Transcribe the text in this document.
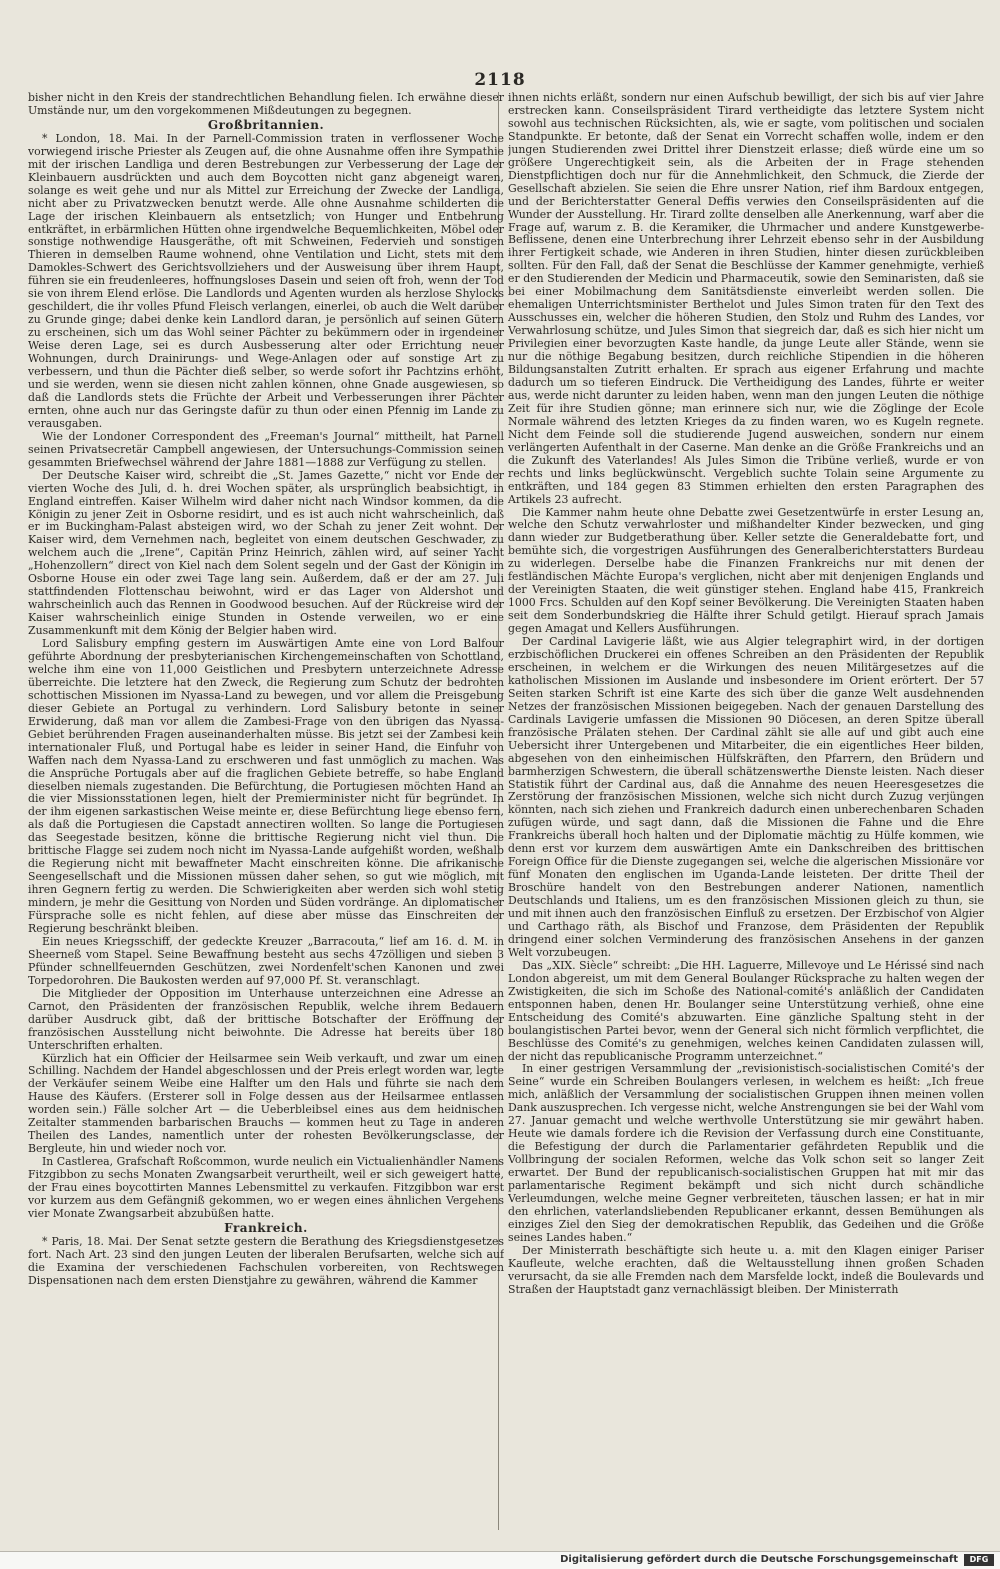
2118

bisher nicht in den Kreis der standrechtlichen Behandlung fielen. Ich erwähne dieser Umstände nur, um den vorgekommenen Mißdeutungen zu begegnen.

Großbritannien.

* London, 18. Mai. In der Parnell-Commission traten in verflossener Woche vorwiegend irische Priester als Zeugen auf, die ohne Ausnahme offen ihre Sympathie mit der irischen Landliga und deren Bestrebungen zur Verbesserung der Lage der Kleinbauern ausdrückten und auch dem Boycotten nicht ganz abgeneigt waren, solange es weit gehe und nur als Mittel zur Erreichung der Zwecke der Landliga, nicht aber zu Privatzwecken benutzt werde. Alle ohne Ausnahme schilderten die Lage der irischen Kleinbauern als entsetzlich; von Hunger und Entbehrung entkräftet, in erbärmlichen Hütten ohne irgendwelche Bequemlichkeiten, Möbel oder sonstige nothwendige Hausgeräthe, oft mit Schweinen, Federvieh und sonstigen Thieren in demselben Raume wohnend, ohne Ventilation und Licht, stets mit dem Damokles-Schwert des Gerichtsvollziehers und der Ausweisung über ihrem Haupt, führen sie ein freudenleeres, hoffnungsloses Dasein und seien oft froh, wenn der Tod sie von ihrem Elend erlöse. Die Landlords und Agenten wurden als herzlose Shylocks geschildert, die ihr volles Pfund Fleisch verlangen, einerlei, ob auch die Welt darüber zu Grunde ginge; dabei denke kein Landlord daran, je persönlich auf seinen Gütern zu erscheinen, sich um das Wohl seiner Pächter zu bekümmern oder in irgendeiner Weise deren Lage, sei es durch Ausbesserung alter oder Errichtung neuer Wohnungen, durch Drainirungs- und Wege-Anlagen oder auf sonstige Art zu verbessern, und thun die Pächter dieß selber, so werde sofort ihr Pachtzins erhöht, und sie werden, wenn sie diesen nicht zahlen können, ohne Gnade ausgewiesen, so daß die Landlords stets die Früchte der Arbeit und Verbesserungen ihrer Pächter ernten, ohne auch nur das Geringste dafür zu thun oder einen Pfennig im Lande zu verausgaben.

Wie der Londoner Correspondent des „Freeman's Journal“ mittheilt, hat Parnell seinen Privatsecretär Campbell angewiesen, der Untersuchungs-Commission seinen gesammten Briefwechsel während der Jahre 1881—1888 zur Verfügung zu stellen.

Der Deutsche Kaiser wird, schreibt die „St. James Gazette,“ nicht vor Ende der vierten Woche des Juli, d. h. drei Wochen später, als ursprünglich beabsichtigt, in England eintreffen. Kaiser Wilhelm wird daher nicht nach Windsor kommen, da die Königin zu jener Zeit in Osborne residirt, und es ist auch nicht wahrscheinlich, daß er im Buckingham-Palast absteigen wird, wo der Schah zu jener Zeit wohnt. Der Kaiser wird, dem Vernehmen nach, begleitet von einem deutschen Geschwader, zu welchem auch die „Irene“, Capitän Prinz Heinrich, zählen wird, auf seiner Yacht „Hohenzollern“ direct von Kiel nach dem Solent segeln und der Gast der Königin im Osborne House ein oder zwei Tage lang sein. Außerdem, daß er der am 27. Juli stattfindenden Flottenschau beiwohnt, wird er das Lager von Aldershot und wahrscheinlich auch das Rennen in Goodwood besuchen. Auf der Rückreise wird der Kaiser wahrscheinlich einige Stunden in Ostende verweilen, wo er eine Zusammenkunft mit dem König der Belgier haben wird.

Lord Salisbury empfing gestern im Auswärtigen Amte eine von Lord Balfour geführte Abordnung der presbyterianischen Kirchengemeinschaften von Schottland, welche ihm eine von 11,000 Geistlichen und Presbytern unterzeichnete Adresse überreichte. Die letztere hat den Zweck, die Regierung zum Schutz der bedrohten schottischen Missionen im Nyassa-Land zu bewegen, und vor allem die Preisgebung dieser Gebiete an Portugal zu verhindern. Lord Salisbury betonte in seiner Erwiderung, daß man vor allem die Zambesi-Frage von den übrigen das Nyassa-Gebiet berührenden Fragen auseinanderhalten müsse. Bis jetzt sei der Zambesi kein internationaler Fluß, und Portugal habe es leider in seiner Hand, die Einfuhr von Waffen nach dem Nyassa-Land zu erschweren und fast unmöglich zu machen. Was die Ansprüche Portugals aber auf die fraglichen Gebiete betreffe, so habe England dieselben niemals zugestanden. Die Befürchtung, die Portugiesen möchten Hand an die vier Missionsstationen legen, hielt der Premierminister nicht für begründet. In der ihm eigenen sarkastischen Weise meinte er, diese Befürchtung liege ebenso fern, als daß die Portugiesen die Capstadt annectiren wollten. So lange die Portugiesen das Seegestade besitzen, könne die brittische Regierung nicht viel thun. Die brittische Flagge sei zudem noch nicht im Nyassa-Lande aufgehißt worden, weßhalb die Regierung nicht mit bewaffneter Macht einschreiten könne. Die afrikanische Seengesellschaft und die Missionen müssen daher sehen, so gut wie möglich, mit ihren Gegnern fertig zu werden. Die Schwierigkeiten aber werden sich wohl stetig mindern, je mehr die Gesittung von Norden und Süden vordränge. An diplomatischer Fürsprache solle es nicht fehlen, auf diese aber müsse das Einschreiten der Regierung beschränkt bleiben.

Ein neues Kriegsschiff, der gedeckte Kreuzer „Barracouta,“ lief am 16. d. M. in Sheerneß vom Stapel. Seine Bewaffnung besteht aus sechs 47zölligen und sieben 3 Pfünder schnellfeuernden Geschützen, zwei Nordenfelt'schen Kanonen und zwei Torpedorohren. Die Baukosten werden auf 97,000 Pf. St. veranschlagt.

Die Mitglieder der Opposition im Unterhause unterzeichnen eine Adresse an Carnot, den Präsidenten der französischen Republik, welche ihrem Bedauern darüber Ausdruck gibt, daß der brittische Botschafter der Eröffnung der französischen Ausstellung nicht beiwohnte. Die Adresse hat bereits über 180 Unterschriften erhalten.

Kürzlich hat ein Officier der Heilsarmee sein Weib verkauft, und zwar um einen Schilling. Nachdem der Handel abgeschlossen und der Preis erlegt worden war, legte der Verkäufer seinem Weibe eine Halfter um den Hals und führte sie nach dem Hause des Käufers. (Ersterer soll in Folge dessen aus der Heilsarmee entlassen worden sein.) Fälle solcher Art — die Ueberbleibsel eines aus dem heidnischen Zeitalter stammenden barbarischen Brauchs — kommen heut zu Tage in anderen Theilen des Landes, namentlich unter der rohesten Bevölkerungsclasse, der Bergleute, hin und wieder noch vor.

In Castlerea, Grafschaft Roßcommon, wurde neulich ein Victualienhändler Namens Fitzgibbon zu sechs Monaten Zwangsarbeit verurtheilt, weil er sich geweigert hatte, der Frau eines boycottirten Mannes Lebensmittel zu verkaufen. Fitzgibbon war erst vor kurzem aus dem Gefängniß gekommen, wo er wegen eines ähnlichen Vergehens vier Monate Zwangsarbeit abzubüßen hatte.

Frankreich.

* Paris, 18. Mai. Der Senat setzte gestern die Berathung des Kriegsdienstgesetzes fort. Nach Art. 23 sind den jungen Leuten der liberalen Berufsarten, welche sich auf die Examina der verschiedenen Fachschulen vorbereiten, von Rechtswegen Dispensationen nach dem ersten Dienstjahre zu gewähren, während die Kammer

ihnen nichts erläßt, sondern nur einen Aufschub bewilligt, der sich bis auf vier Jahre erstrecken kann. Conseilspräsident Tirard vertheidigte das letztere System nicht sowohl aus technischen Rücksichten, als, wie er sagte, vom politischen und socialen Standpunkte. Er betonte, daß der Senat ein Vorrecht schaffen wolle, indem er den jungen Studierenden zwei Drittel ihrer Dienstzeit erlasse; dieß würde eine um so größere Ungerechtigkeit sein, als die Arbeiten der in Frage stehenden Dienstpflichtigen doch nur für die Annehmlichkeit, den Schmuck, die Zierde der Gesellschaft abzielen. Sie seien die Ehre unsrer Nation, rief ihm Bardoux entgegen, und der Berichterstatter General Deffis verwies den Conseilspräsidenten auf die Wunder der Ausstellung. Hr. Tirard zollte denselben alle Anerkennung, warf aber die Frage auf, warum z. B. die Keramiker, die Uhrmacher und andere Kunstgewerbe-Beflissene, denen eine Unterbrechung ihrer Lehrzeit ebenso sehr in der Ausbildung ihrer Fertigkeit schade, wie Anderen in ihren Studien, hinter diesen zurückbleiben sollten. Für den Fall, daß der Senat die Beschlüsse der Kammer genehmigte, verhieß er den Studierenden der Medicin und Pharmaceutik, sowie den Seminaristen, daß sie bei einer Mobilmachung dem Sanitätsdienste einverleibt werden sollen. Die ehemaligen Unterrichtsminister Berthelot und Jules Simon traten für den Text des Ausschusses ein, welcher die höheren Studien, den Stolz und Ruhm des Landes, vor Verwahrlosung schütze, und Jules Simon that siegreich dar, daß es sich hier nicht um Privilegien einer bevorzugten Kaste handle, da junge Leute aller Stände, wenn sie nur die nöthige Begabung besitzen, durch reichliche Stipendien in die höheren Bildungsanstalten Zutritt erhalten. Er sprach aus eigener Erfahrung und machte dadurch um so tieferen Eindruck. Die Vertheidigung des Landes, führte er weiter aus, werde nicht darunter zu leiden haben, wenn man den jungen Leuten die nöthige Zeit für ihre Studien gönne; man erinnere sich nur, wie die Zöglinge der Ecole Normale während des letzten Krieges da zu finden waren, wo es Kugeln regnete. Nicht dem Feinde soll die studierende Jugend ausweichen, sondern nur einem verlängerten Aufenthalt in der Caserne. Man denke an die Größe Frankreichs und an die Zukunft des Vaterlandes! Als Jules Simon die Tribüne verließ, wurde er von rechts und links beglückwünscht. Vergeblich suchte Tolain seine Argumente zu entkräften, und 184 gegen 83 Stimmen erhielten den ersten Paragraphen des Artikels 23 aufrecht.

Die Kammer nahm heute ohne Debatte zwei Gesetzentwürfe in erster Lesung an, welche den Schutz verwahrloster und mißhandelter Kinder bezwecken, und ging dann wieder zur Budgetberathung über. Keller setzte die Generaldebatte fort, und bemühte sich, die vorgestrigen Ausführungen des Generalberichterstatters Burdeau zu widerlegen. Derselbe habe die Finanzen Frankreichs nur mit denen der festländischen Mächte Europa's verglichen, nicht aber mit denjenigen Englands und der Vereinigten Staaten, die weit günstiger stehen. England habe 415, Frankreich 1000 Frcs. Schulden auf den Kopf seiner Bevölkerung. Die Vereinigten Staaten haben seit dem Sonderbundskrieg die Hälfte ihrer Schuld getilgt. Hierauf sprach Jamais gegen Amagat und Kellers Ausführungen.

Der Cardinal Lavigerie läßt, wie aus Algier telegraphirt wird, in der dortigen erzbischöflichen Druckerei ein offenes Schreiben an den Präsidenten der Republik erscheinen, in welchem er die Wirkungen des neuen Militärgesetzes auf die katholischen Missionen im Auslande und insbesondere im Orient erörtert. Der 57 Seiten starken Schrift ist eine Karte des sich über die ganze Welt ausdehnenden Netzes der französischen Missionen beigegeben. Nach der genauen Darstellung des Cardinals Lavigerie umfassen die Missionen 90 Diöcesen, an deren Spitze überall französische Prälaten stehen. Der Cardinal zählt sie alle auf und gibt auch eine Uebersicht ihrer Untergebenen und Mitarbeiter, die ein eigentliches Heer bilden, abgesehen von den einheimischen Hülfskräften, den Pfarrern, den Brüdern und barmherzigen Schwestern, die überall schätzenswerthe Dienste leisten. Nach dieser Statistik führt der Cardinal aus, daß die Annahme des neuen Heeresgesetzes die Zerstörung der französischen Missionen, welche sich nicht durch Zuzug verjüngen könnten, nach sich ziehen und Frankreich dadurch einen unberechenbaren Schaden zufügen würde, und sagt dann, daß die Missionen die Fahne und die Ehre Frankreichs überall hoch halten und der Diplomatie mächtig zu Hülfe kommen, wie denn erst vor kurzem dem auswärtigen Amte ein Dankschreiben des brittischen Foreign Office für die Dienste zugegangen sei, welche die algerischen Missionäre vor fünf Monaten den englischen im Uganda-Lande leisteten. Der dritte Theil der Broschüre handelt von den Bestrebungen anderer Nationen, namentlich Deutschlands und Italiens, um es den französischen Missionen gleich zu thun, sie und mit ihnen auch den französischen Einfluß zu ersetzen. Der Erzbischof von Algier und Carthago räth, als Bischof und Franzose, dem Präsidenten der Republik dringend einer solchen Verminderung des französischen Ansehens in der ganzen Welt vorzubeugen.

Das „XIX. Siècle“ schreibt: „Die HH. Laguerre, Millevoye und Le Hérissé sind nach London abgereist, um mit dem General Boulanger Rücksprache zu halten wegen der Zwistigkeiten, die sich im Schoße des National-comité's anläßlich der Candidaten entsponnen haben, denen Hr. Boulanger seine Unterstützung verhieß, ohne eine Entscheidung des Comité's abzuwarten. Eine gänzliche Spaltung steht in der boulangistischen Partei bevor, wenn der General sich nicht förmlich verpflichtet, die Beschlüsse des Comité's zu genehmigen, welches keinen Candidaten zulassen will, der nicht das republicanische Programm unterzeichnet.“

In einer gestrigen Versammlung der „revisionistisch-socialistischen Comité's der Seine“ wurde ein Schreiben Boulangers verlesen, in welchem es heißt: „Ich freue mich, anläßlich der Versammlung der socialistischen Gruppen ihnen meinen vollen Dank auszusprechen. Ich vergesse nicht, welche Anstrengungen sie bei der Wahl vom 27. Januar gemacht und welche werthvolle Unterstützung sie mir gewährt haben. Heute wie damals fordere ich die Revision der Verfassung durch eine Constituante, die Befestigung der durch die Parlamentarier gefährdeten Republik und die Vollbringung der socialen Reformen, welche das Volk schon seit so langer Zeit erwartet. Der Bund der republicanisch-socialistischen Gruppen hat mit mir das parlamentarische Regiment bekämpft und sich nicht durch schändliche Verleumdungen, welche meine Gegner verbreiteten, täuschen lassen; er hat in mir den ehrlichen, vaterlandsliebenden Republicaner erkannt, dessen Bemühungen als einziges Ziel den Sieg der demokratischen Republik, das Gedeihen und die Größe seines Landes haben.“

Der Ministerrath beschäftigte sich heute u. a. mit den Klagen einiger Pariser Kaufleute, welche erachten, daß die Weltausstellung ihnen großen Schaden verursacht, da sie alle Fremden nach dem Marsfelde lockt, indeß die Boulevards und Straßen der Hauptstadt ganz vernachlässigt bleiben. Der Ministerrath

Digitalisierung gefördert durch die Deutsche Forschungsgemeinschaft	DFG
